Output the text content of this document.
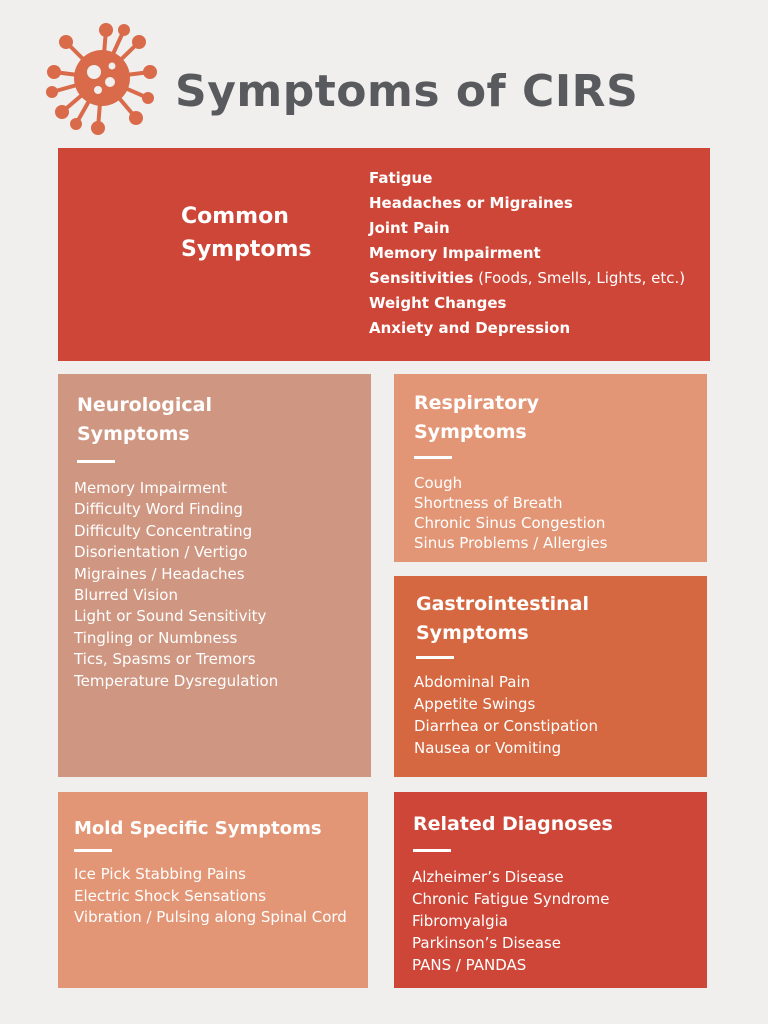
Symptoms of CIRS
Common
Symptoms
Fatigue
Headaches or Migraines
Joint Pain
Memory Impairment
Sensitivities (Foods, Smells, Lights, etc.)
Weight Changes
Anxiety and Depression
Neurological
Symptoms
Memory Impairment
Difficulty Word Finding
Difficulty Concentrating
Disorientation / Vertigo
Migraines / Headaches
Blurred Vision
Light or Sound Sensitivity
Tingling or Numbness
Tics, Spasms or Tremors
Temperature Dysregulation
Respiratory
Symptoms
Cough
Shortness of Breath
Chronic Sinus Congestion
Sinus Problems / Allergies
Gastrointestinal
Symptoms
Abdominal Pain
Appetite Swings
Diarrhea or Constipation
Nausea or Vomiting
Mold Specific Symptoms
Ice Pick Stabbing Pains
Electric Shock Sensations
Vibration / Pulsing along Spinal Cord
Related Diagnoses
Alzheimer’s Disease
Chronic Fatigue Syndrome
Fibromyalgia
Parkinson’s Disease
PANS / PANDAS
